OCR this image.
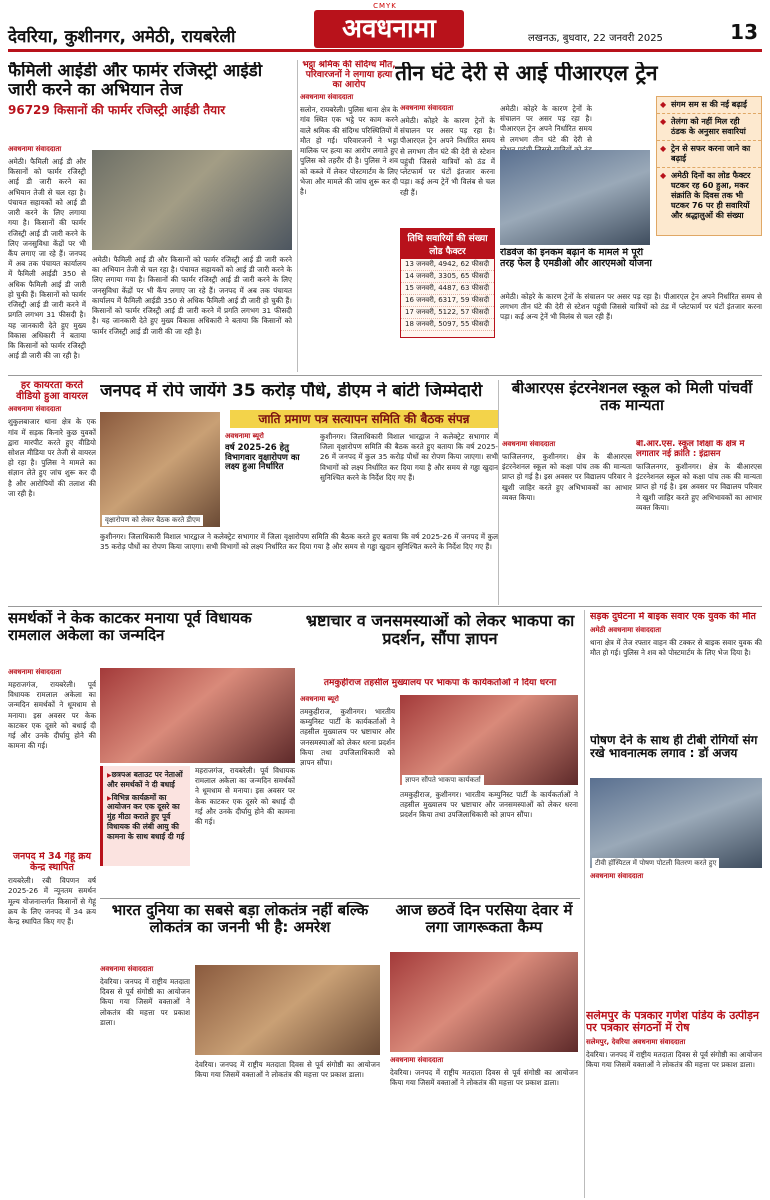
CMYK
देवरिया, कुशीनगर, अमेठी, रायबरेली	अवधनामा	लखनऊ, बुधवार, 22 जनवरी 2025	13
फैमिली आईडी और फार्मर रजिस्ट्री आईडी जारी करने का अभियान तेज
96729 किसानों की फार्मर रजिस्ट्री आईडी तैयार
अवधनामा संवाददाता
अमेठी। फैमिली आई डी और किसानों को फार्मर रजिस्ट्री आई डी जारी करने का अभियान तेजी से चल रहा है। पंचायत सहायकों को आई डी जारी करने के लिए लगाया गया है। किसानों की फार्मर रजिस्ट्री आई डी जारी करने के लिए जनसुविधा केंद्रों पर भी कैंप लगाए जा रहे हैं। जनपद में अब तक पंचायत कार्यालय में फैमिली आईडी 350 से अधिक फैमिली आई डी जारी हो चुकी हैं। किसानों को फार्मर रजिस्ट्री आई डी जारी करने में प्रगति लगभग 31 फीसदी है। यह जानकारी देते हुए मुख्य विकास अधिकारी ने बताया कि किसानों को फार्मर रजिस्ट्री आई डी जारी की जा रही है।
अमेठी। फैमिली आई डी और किसानों को फार्मर रजिस्ट्री आई डी जारी करने का अभियान तेजी से चल रहा है। पंचायत सहायकों को आई डी जारी करने के लिए लगाया गया है। किसानों की फार्मर रजिस्ट्री आई डी जारी करने के लिए जनसुविधा केंद्रों पर भी कैंप लगाए जा रहे हैं। जनपद में अब तक पंचायत कार्यालय में फैमिली आईडी 350 से अधिक फैमिली आई डी जारी हो चुकी हैं। किसानों को फार्मर रजिस्ट्री आई डी जारी करने में प्रगति लगभग 31 फीसदी है। यह जानकारी देते हुए मुख्य विकास अधिकारी ने बताया कि किसानों को फार्मर रजिस्ट्री आई डी जारी की जा रही है।
भट्ठा श्रमिक की संदिग्ध मौत, परिवारजनों ने लगाया हत्या का आरोप
अवधनामा संवाददाता
सलोन, रायबरेली। पुलिस थाना क्षेत्र के गांव स्थित एक भट्ठे पर काम करने वाले श्रमिक की संदिग्ध परिस्थितियों में मौत हो गई। परिवारजनों ने भट्ठा मालिक पर हत्या का आरोप लगाते हुए पुलिस को तहरीर दी है। पुलिस ने शव को कब्जे में लेकर पोस्टमार्टम के लिए भेजा और मामले की जांच शुरू कर दी है।
तीन घंटे देरी से आई पीआरएल ट्रेन
अवधनामा संवाददाता
अमेठी। कोहरे के कारण ट्रेनों के संचालन पर असर पड़ रहा है। पीआरएल ट्रेन अपने निर्धारित समय से लगभग तीन घंटे की देरी से स्टेशन पहुंची जिससे यात्रियों को ठंड में प्लेटफार्म पर घंटों इंतजार करना पड़ा। कई अन्य ट्रेनें भी विलंब से चल रही हैं।
तिथि सवारियों की संख्या लोड फैक्टर
13 जनवरी, 4942, 62 फीसदी
14 जनवरी, 3305, 65 फीसदी
15 जनवरी, 4487, 63 फीसदी
16 जनवरी, 6317, 59 फीसदी
17 जनवरी, 5122, 57 फीसदी
18 जनवरी, 5097, 55 फीसदी
अमेठी। कोहरे के कारण ट्रेनों के संचालन पर असर पड़ रहा है। पीआरएल ट्रेन अपने निर्धारित समय से लगभग तीन घंटे की देरी से
◆ संगम सम स की नई बढ़ाई
◆ तेलंगा को नहीं मिल रही ठंडक के अनुसार सवारियां
◆ ट्रेन से सफर करना जाने का बढ़ाई
◆ अमेठी दिनों का लोड फैक्टर घटकर रह 60 हुआ, मकर संक्रांति के दिवस तक भी घटकर 76 पर ही सवारियों और श्रद्धालुओं की संख्या
रोडवेज की इनकम बढ़ाने के मामले में पूरी तरह फेल है एमडीओ और आरएमओ योजना
अमेठी। कोहरे के कारण ट्रेनों के संचालन पर असर पड़ रहा है। पीआरएल ट्रेन अपने निर्धारित समय से लगभग तीन घंटे की देरी से स्टेशन पहुंची जिससे यात्रियों को ठंड में प्लेटफार्म पर घंटों इंतजार करना पड़ा। कई अन्य ट्रेनें भी विलंब से चल रही हैं।
हर कायरता करते वीडियो हुआ वायरल
अवधनामा संवाददाता
शुकुलबाजार थाना क्षेत्र के एक गांव में सड़क किनारे कुछ युवकों द्वारा मारपीट करते हुए वीडियो सोशल मीडिया पर तेजी से वायरल हो रहा है। पुलिस ने मामले का संज्ञान लेते हुए जांच शुरू कर दी है और आरोपियों की तलाश की जा रही है।
जनपद में रोपे जायेंगे 35 करोड़ पौधे, डीएम ने बांटी जिम्मेदारी
जाति प्रमाण पत्र सत्यापन समिति की बैठक संपन्न
वृक्षारोपण को लेकर बैठक करते डीएम
अवधनामा ब्यूरो
वर्ष 2025-26 हेतु विभागवार वृक्षारोपण का लक्ष्य हुआ निर्धारित
कुशीनगर। जिलाधिकारी विशाल भारद्वाज ने कलेक्ट्रेट सभागार में जिला वृक्षारोपण समिति की बैठक करते हुए बताया कि वर्ष 2025-26 में जनपद में कुल 35 करोड़ पौधों का रोपण किया जाएगा। सभी विभागों को लक्ष्य निर्धारित कर दिया गया है और समय से गड्ढा खुदान सुनिश्चित करने के निर्देश दिए गए हैं।
कुशीनगर। जिलाधिकारी विशाल भारद्वाज ने कलेक्ट्रेट सभागार में जिला वृक्षारोपण समिति की बैठक करते हुए बताया कि वर्ष 2025-26 में जनपद में कुल 35 करोड़ पौधों का रोपण किया जाएगा। सभी विभागों को लक्ष्य निर्धारित कर दिया गया है और समय से गड्ढा खुदान सुनिश्चित करने के निर्देश दिए गए हैं।
बीआरएस इंटरनेशनल स्कूल को मिली पांचवीं तक मान्यता
अवधनामा संवाददाता
फाजिलनगर, कुशीनगर। क्षेत्र के बीआरएस इंटरनेशनल स्कूल को कक्षा पांच तक की मान्यता प्राप्त हो गई है। इस अवसर पर विद्यालय परिवार ने खुशी जाहिर करते हुए अभिभावकों का आभार व्यक्त किया।
बी.आर.एस. स्कूल शिक्षा के क्षेत्र में लगातार नई क्रांति : इंद्रासन
फाजिलनगर, कुशीनगर। क्षेत्र के बीआरएस इंटरनेशनल स्कूल को कक्षा पांच तक की मान्यता प्राप्त हो गई है। इस अवसर पर विद्यालय परिवार ने खुशी जाहिर करते हुए अभिभावकों का आभार व्यक्त किया।
समर्थकों ने केक काटकर मनाया पूर्व विधायक रामलाल अकेला का जन्मदिन
अवधनामा संवाददाता
महराजगंज, रायबरेली। पूर्व विधायक रामलाल अकेला का जन्मदिन समर्थकों ने धूमधाम से मनाया। इस अवसर पर केक काटकर एक दूसरे को बधाई दी गई और उनके दीर्घायु होने की कामना की गई।
▶ छत्रपअ बताउट पर नेताओं और समर्थकों ने दी बधाई
▶ विभिन्न कार्यक्रमों का आयोजन कर एक दूसरे का मुंह मीठा कराते हुए पूर्व विधायक की लंबी आयु की कामना के साथ बधाई दी गई
महराजगंज, रायबरेली। पूर्व विधायक रामलाल अकेला का जन्मदिन समर्थकों ने धूमधाम से मनाया। इस अवसर पर केक काटकर एक दूसरे को बधाई दी गई और उनके दीर्घायु होने की कामना की गई।
जनपद में 34 गेहूं क्रय केन्द्र स्थापित
रायबरेली। रबी विपणन वर्ष 2025-26 में न्यूनतम समर्थन मूल्य योजनान्तर्गत किसानों से गेहूं क्रय के लिए जनपद में 34 क्रय केन्द्र स्थापित किए गए हैं।
भ्रष्टाचार व जनसमस्याओं को लेकर भाकपा का प्रदर्शन, सौंपा ज्ञापन
तमकुहीराज तहसील मुख्यालय पर भाकपा के कार्यकर्ताओं ने दिया धरना
अवधनामा ब्यूरो
तमकुहीराज, कुशीनगर। भारतीय कम्युनिस्ट पार्टी के कार्यकर्ताओं ने तहसील मुख्यालय पर भ्रष्टाचार और जनसमस्याओं को लेकर धरना प्रदर्शन किया तथा उपजिलाधिकारी को ज्ञापन सौंपा।
ज्ञापन सौंपते भाकपा कार्यकर्ता
तमकुहीराज, कुशीनगर। भारतीय कम्युनिस्ट पार्टी के कार्यकर्ताओं ने तहसील मुख्यालय पर भ्रष्टाचार और जनसमस्याओं को लेकर धरना प्रदर्शन किया तथा उपजिलाधिकारी को ज्ञापन सौंपा।
सड़क दुर्घटना में बाइक सवार एक युवक की मौत
अमेठी अवधनामा संवाददाता
थाना क्षेत्र में तेज रफ्तार वाहन की टक्कर से बाइक सवार युवक की मौत हो गई। पुलिस ने शव को पोस्टमार्टम के लिए भेज दिया है।
पोषण देने के साथ ही टीबी रोगियों संग रखे भावनात्मक लगाव : डॉ अजय
टीवी हॉस्पिटल में पोषण पोटली वितरण करते हुए
अवधनामा संवाददाता
भारत दुनिया का सबसे बड़ा लोकतंत्र नहीं बल्कि लोकतंत्र का जननी भी है: अमरेश
अवधनामा संवाददाता
देवरिया। जनपद में राष्ट्रीय मतदाता दिवस से पूर्व संगोष्ठी का आयोजन किया गया जिसमें वक्ताओं ने लोकतंत्र की महत्ता पर प्रकाश डाला।
देवरिया। जनपद में राष्ट्रीय मतदाता दिवस से पूर्व संगोष्ठी का आयोजन किया गया जिसमें वक्ताओं ने लोकतंत्र की महत्ता पर प्रकाश डाला।
आज छठवें दिन परसिया देवार में लगा जागरूकता कैम्प
अवधनामा संवाददाता
देवरिया। जनपद में राष्ट्रीय मतदाता दिवस से पूर्व संगोष्ठी का आयोजन किया गया जिसमें वक्ताओं ने लोकतंत्र की महत्ता पर प्रकाश डाला।
सलेमपुर के पत्रकार गणेश पांडेय के उत्पीड़न पर पत्रकार संगठनों में रोष
सलेमपुर, देवरिया अवधनामा संवाददाता
देवरिया। जनपद में राष्ट्रीय मतदाता दिवस से पूर्व संगोष्ठी का आयोजन किया गया जिसमें वक्ताओं ने लोकतंत्र की महत्ता पर प्रकाश डाला।
